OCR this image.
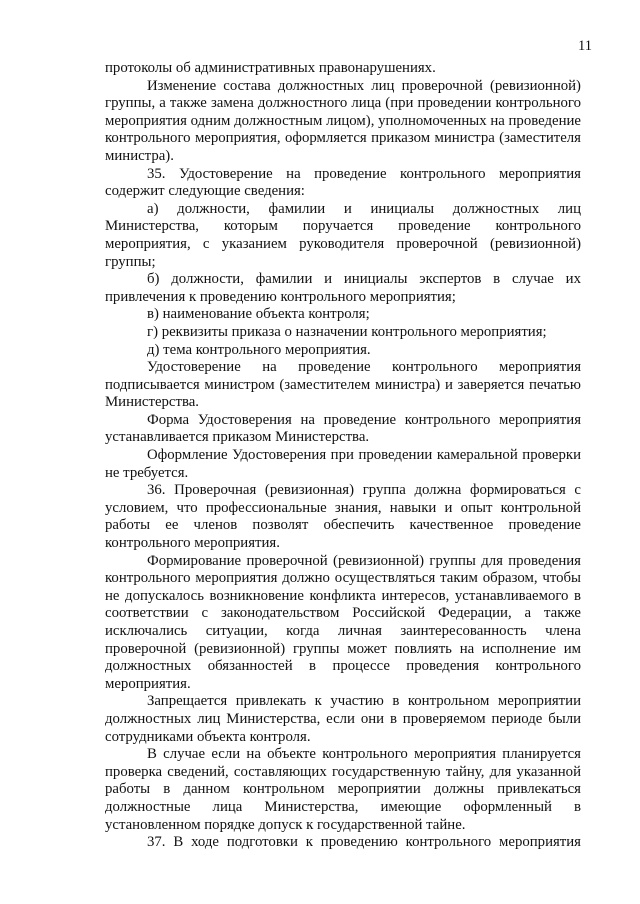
11

протоколы об административных правонарушениях.

Изменение состава должностных лиц проверочной (ревизионной) группы, а также замена должностного лица (при проведении контрольного мероприятия одним должностным лицом), уполномоченных на проведение контрольного мероприятия, оформляется приказом министра (заместителя министра).

35. Удостоверение на проведение контрольного мероприятия содержит следующие сведения:

а) должности, фамилии и инициалы должностных лиц Министерства, которым поручается проведение контрольного мероприятия, с указанием руководителя проверочной (ревизионной) группы;

б) должности, фамилии и инициалы экспертов в случае их привлечения к проведению контрольного мероприятия;

в) наименование объекта контроля;

г) реквизиты приказа о назначении контрольного мероприятия;

д) тема контрольного мероприятия.

Удостоверение на проведение контрольного мероприятия подписывается министром (заместителем министра) и заверяется печатью Министерства.

Форма Удостоверения на проведение контрольного мероприятия устанавливается приказом Министерства.

Оформление Удостоверения при проведении камеральной проверки не требуется.

36. Проверочная (ревизионная) группа должна формироваться с условием, что профессиональные знания, навыки и опыт контрольной работы ее членов позволят обеспечить качественное проведение контрольного мероприятия.

Формирование проверочной (ревизионной) группы для проведения контрольного мероприятия должно осуществляться таким образом, чтобы не допускалось возникновение конфликта интересов, устанавливаемого в соответствии с законодательством Российской Федерации, а также исключались ситуации, когда личная заинтересованность члена проверочной (ревизионной) группы может повлиять на исполнение им должностных обязанностей в процессе проведения контрольного мероприятия.

Запрещается привлекать к участию в контрольном мероприятии должностных лиц Министерства, если они в проверяемом периоде были сотрудниками объекта контроля.

В случае если на объекте контрольного мероприятия планируется проверка сведений, составляющих государственную тайну, для указанной работы в данном контрольном мероприятии должны привлекаться должностные лица Министерства, имеющие оформленный в установленном порядке допуск к государственной тайне.

37. В ходе подготовки к проведению контрольного мероприятия
